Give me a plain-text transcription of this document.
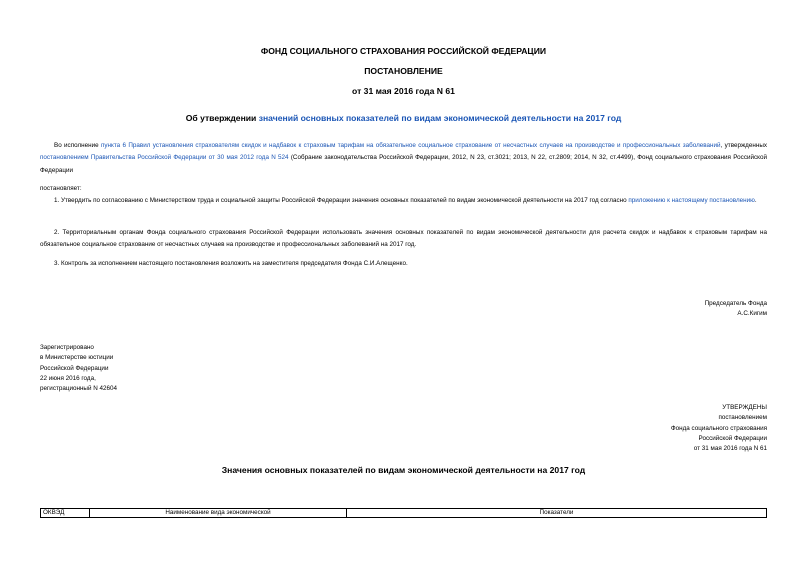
ФОНД СОЦИАЛЬНОГО СТРАХОВАНИЯ РОССИЙСКОЙ ФЕДЕРАЦИИ
ПОСТАНОВЛЕНИЕ
от 31 мая 2016 года N 61
Об утверждении значений основных показателей по видам экономической деятельности на 2017 год
Во исполнение пункта 6 Правил установления страхователям скидок и надбавок к страховым тарифам на обязательное социальное страхование от несчастных случаев на производстве и профессиональных заболеваний, утвержденных постановлением Правительства Российской Федерации от 30 мая 2012 года N 524 (Собрание законодательства Российской Федерации, 2012, N 23, ст.3021; 2013, N 22, ст.2809; 2014, N 32, ст.4499), Фонд социального страхования Российской Федерации
постановляет:
1. Утвердить по согласованию с Министерством труда и социальной защиты Российской Федерации значения основных показателей по видам экономической деятельности на 2017 год согласно приложению к настоящему постановлению.
2. Территориальным органам Фонда социального страхования Российской Федерации использовать значения основных показателей по видам экономической деятельности для расчета скидок и надбавок к страховым тарифам на обязательное социальное страхование от несчастных случаев на производстве и профессиональных заболеваний на 2017 год.
3. Контроль за исполнением настоящего постановления возложить на заместителя председателя Фонда С.И.Алещенко.
Председатель Фонда
А.С.Кигим
Зарегистрировано
в Министерстве юстиции
Российской Федерации
22 июня 2016 года,
регистрационный N 42604
УТВЕРЖДЕНЫ
постановлением
Фонда социального страхования
Российской Федерации
от 31 мая 2016 года N 61
Значения основных показателей по видам экономической деятельности на 2017 год
ОКВЭД	Наименование вида экономической	Показатели
